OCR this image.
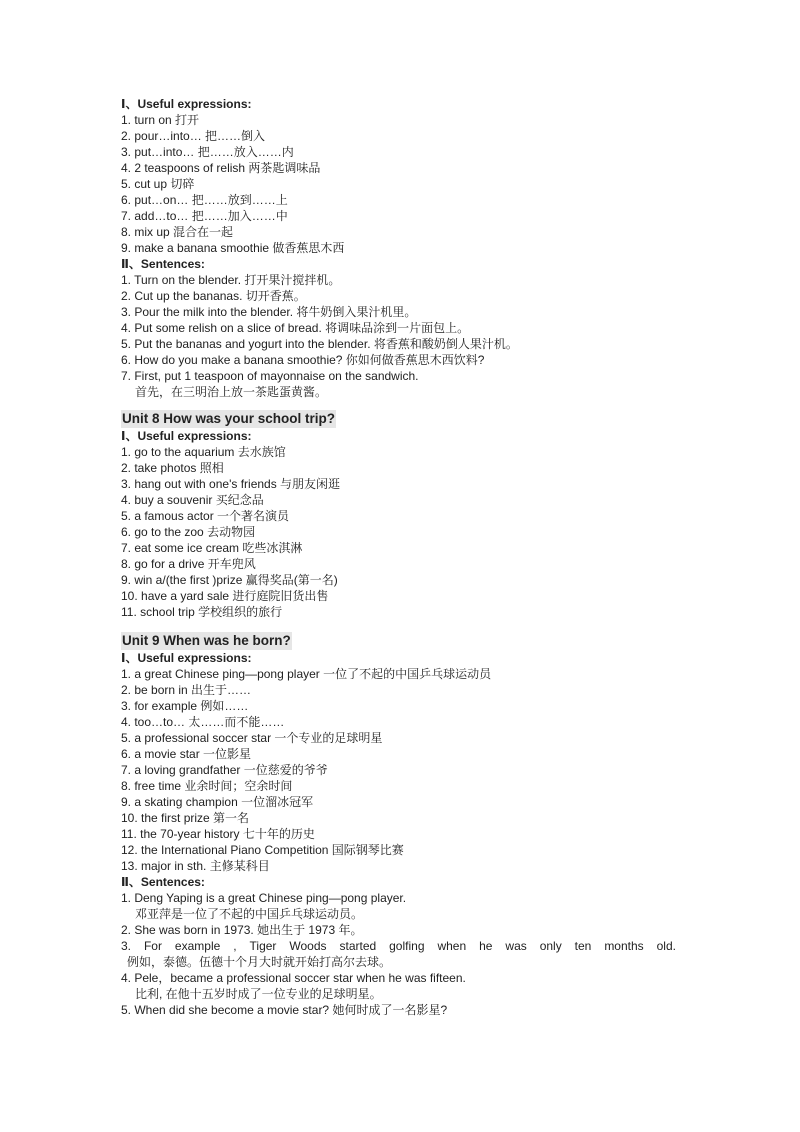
Ⅰ、Useful expressions:
1. turn on 打开
2. pour…into… 把……倒入
3. put…into… 把……放入……内
4. 2 teaspoons of relish 两茶匙调味品
5. cut up 切碎
6. put…on… 把……放到……上
7. add…to… 把……加入……中
8. mix up 混合在一起
9. make a banana smoothie 做香蕉思木西
Ⅱ、Sentences:
1. Turn on the blender. 打开果汁搅拌机。
2. Cut up the bananas. 切开香蕉。
3. Pour the milk into the blender. 将牛奶倒入果汁机里。
4. Put some relish on a slice of bread. 将调味品涂到一片面包上。
5. Put the bananas and yogurt into the blender. 将香蕉和酸奶倒人果汁机。
6. How do you make a banana smoothie? 你如何做香蕉思木西饮料?
7. First, put 1 teaspoon of mayonnaise on the sandwich.
首先，在三明治上放一茶匙蛋黄酱。
Unit 8 How was your school trip?
Ⅰ、Useful expressions:
1. go to the aquarium 去水族馆
2. take photos 照相
3. hang out with one's friends 与朋友闲逛
4. buy a souvenir 买纪念品
5. a famous actor 一个著名演员
6. go to the zoo 去动物园
7. eat some ice cream 吃些冰淇淋
8. go for a drive 开车兜风
9. win a/(the first )prize 赢得奖品(第一名)
10. have a yard sale 进行庭院旧货出售
11. school trip 学校组织的旅行
Unit 9 When was he born?
Ⅰ、Useful expressions:
1. a great Chinese ping—pong player 一位了不起的中国乒乓球运动员
2. be born in 出生于……
3. for example 例如……
4. too…to… 太……而不能……
5. a professional soccer star 一个专业的足球明星
6. a movie star 一位影星
7. a loving grandfather 一位慈爱的爷爷
8. free time 业余时间；空余时间
9. a skating champion 一位溜冰冠军
10. the first prize 第一名
11. the 70-year history 七十年的历史
12. the International Piano Competition 国际钢琴比赛
13. major in sth. 主修某科目
Ⅱ、Sentences:
1. Deng Yaping is a great Chinese ping—pong player.
邓亚萍是一位了不起的中国乒乓球运动员。
2. She was born in 1973. 她出生于 1973 年。
3. For example , Tiger Woods started golfing when he was only ten months old.
例如，泰德。伍德十个月大时就开始打高尔去球。
4. Pele，became a professional soccer star when he was fifteen.
比利, 在他十五岁时成了一位专业的足球明星。
5. When did she become a movie star? 她何时成了一名影星?
